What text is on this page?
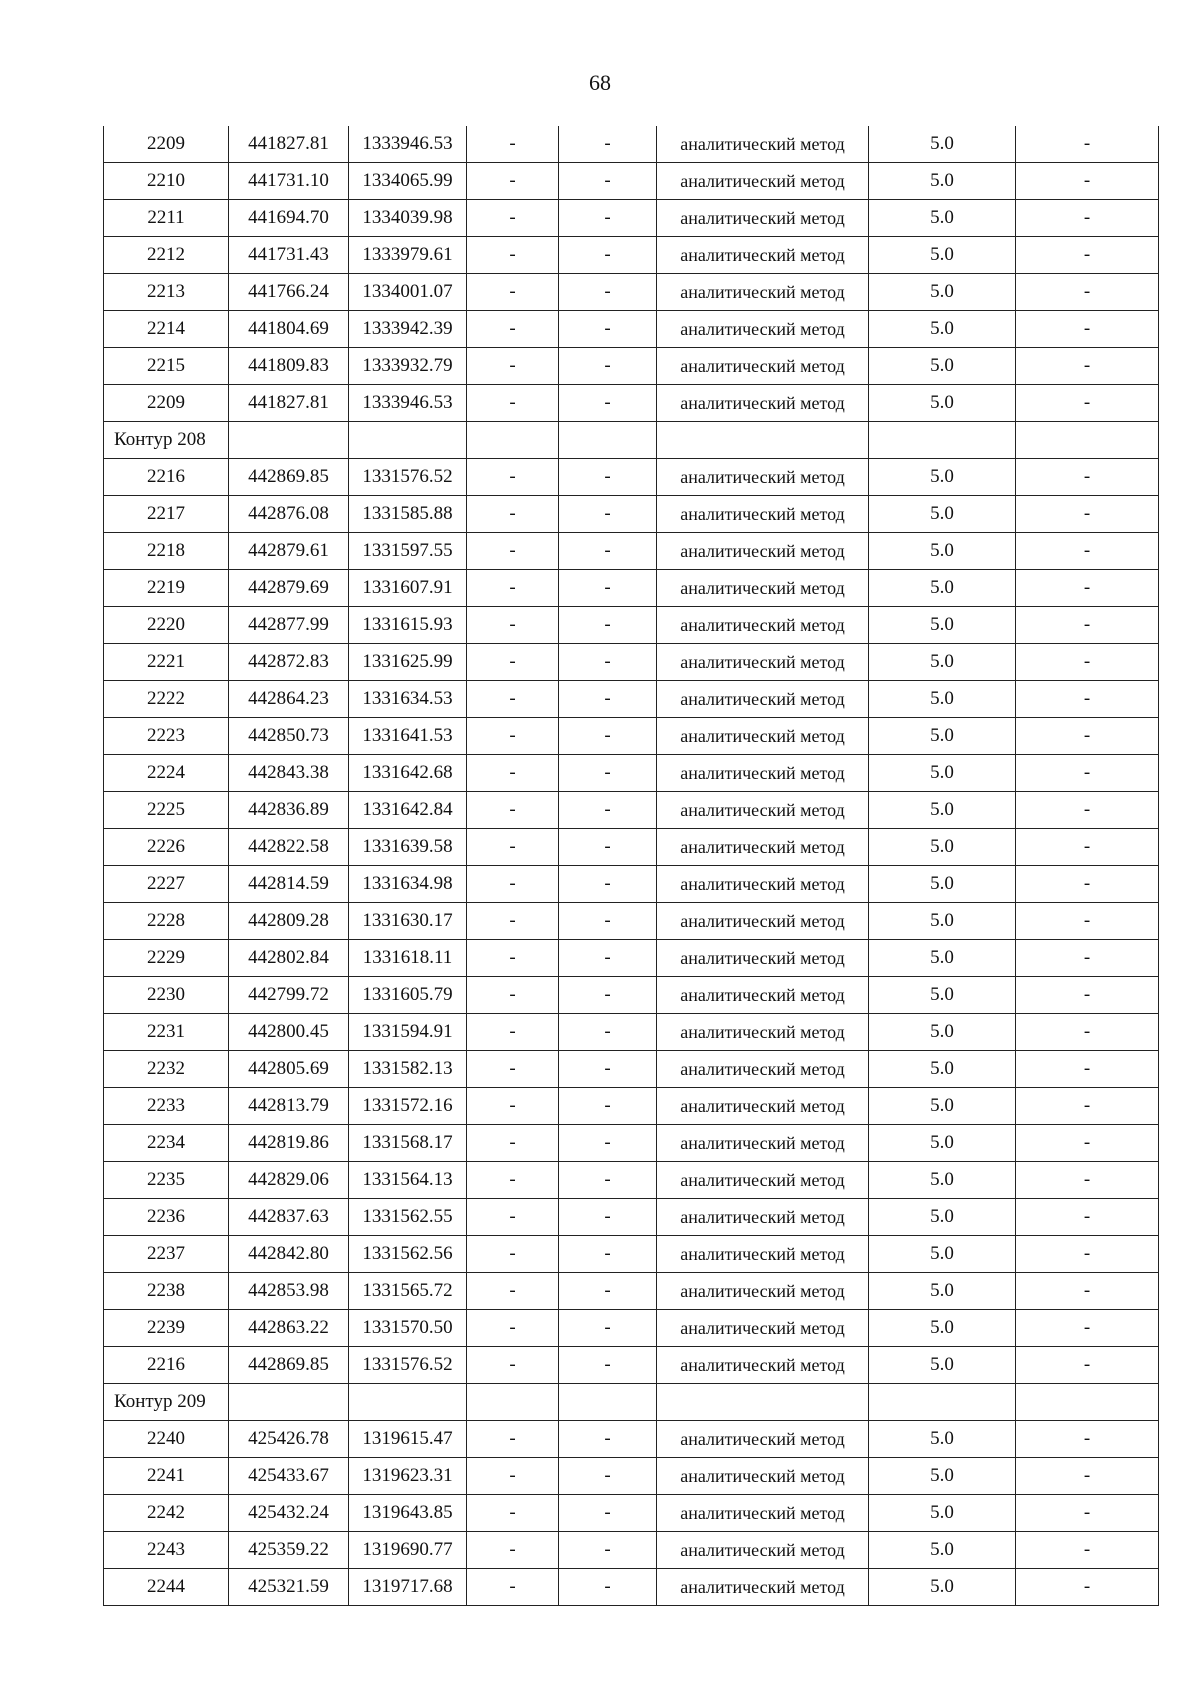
68
2209	441827.81	1333946.53	-	-	аналитический метод	5.0	-
2210	441731.10	1334065.99	-	-	аналитический метод	5.0	-
2211	441694.70	1334039.98	-	-	аналитический метод	5.0	-
2212	441731.43	1333979.61	-	-	аналитический метод	5.0	-
2213	441766.24	1334001.07	-	-	аналитический метод	5.0	-
2214	441804.69	1333942.39	-	-	аналитический метод	5.0	-
2215	441809.83	1333932.79	-	-	аналитический метод	5.0	-
2209	441827.81	1333946.53	-	-	аналитический метод	5.0	-
Контур 208							
2216	442869.85	1331576.52	-	-	аналитический метод	5.0	-
2217	442876.08	1331585.88	-	-	аналитический метод	5.0	-
2218	442879.61	1331597.55	-	-	аналитический метод	5.0	-
2219	442879.69	1331607.91	-	-	аналитический метод	5.0	-
2220	442877.99	1331615.93	-	-	аналитический метод	5.0	-
2221	442872.83	1331625.99	-	-	аналитический метод	5.0	-
2222	442864.23	1331634.53	-	-	аналитический метод	5.0	-
2223	442850.73	1331641.53	-	-	аналитический метод	5.0	-
2224	442843.38	1331642.68	-	-	аналитический метод	5.0	-
2225	442836.89	1331642.84	-	-	аналитический метод	5.0	-
2226	442822.58	1331639.58	-	-	аналитический метод	5.0	-
2227	442814.59	1331634.98	-	-	аналитический метод	5.0	-
2228	442809.28	1331630.17	-	-	аналитический метод	5.0	-
2229	442802.84	1331618.11	-	-	аналитический метод	5.0	-
2230	442799.72	1331605.79	-	-	аналитический метод	5.0	-
2231	442800.45	1331594.91	-	-	аналитический метод	5.0	-
2232	442805.69	1331582.13	-	-	аналитический метод	5.0	-
2233	442813.79	1331572.16	-	-	аналитический метод	5.0	-
2234	442819.86	1331568.17	-	-	аналитический метод	5.0	-
2235	442829.06	1331564.13	-	-	аналитический метод	5.0	-
2236	442837.63	1331562.55	-	-	аналитический метод	5.0	-
2237	442842.80	1331562.56	-	-	аналитический метод	5.0	-
2238	442853.98	1331565.72	-	-	аналитический метод	5.0	-
2239	442863.22	1331570.50	-	-	аналитический метод	5.0	-
2216	442869.85	1331576.52	-	-	аналитический метод	5.0	-
Контур 209							
2240	425426.78	1319615.47	-	-	аналитический метод	5.0	-
2241	425433.67	1319623.31	-	-	аналитический метод	5.0	-
2242	425432.24	1319643.85	-	-	аналитический метод	5.0	-
2243	425359.22	1319690.77	-	-	аналитический метод	5.0	-
2244	425321.59	1319717.68	-	-	аналитический метод	5.0	-
